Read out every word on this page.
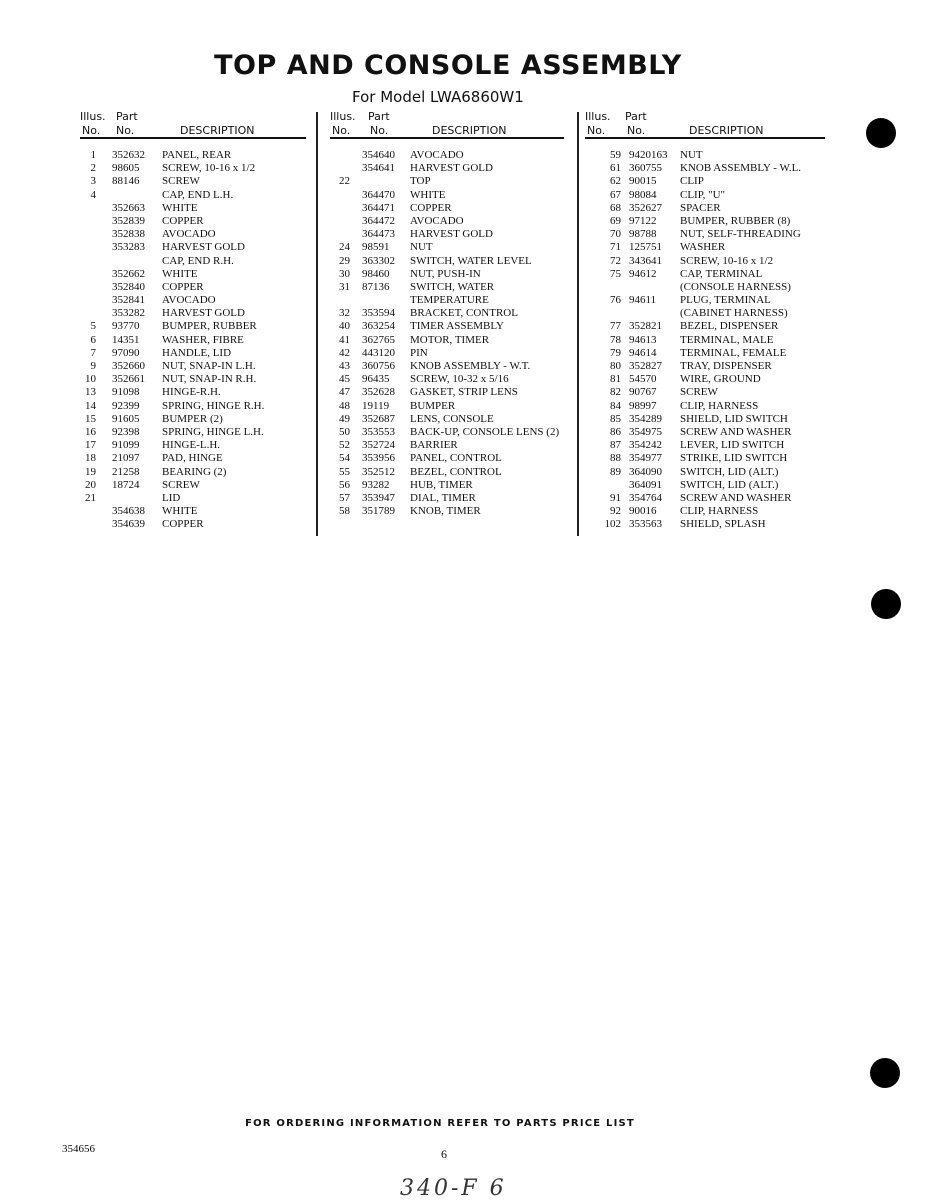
TOP AND CONSOLE ASSEMBLY
For Model LWA6860W1
FOR ORDERING INFORMATION REFER TO PARTS PRICE LIST
354656	6
340-F 6
Illus. Part
No. No.	DESCRIPTION
1 352632 PANEL, REAR
2 98605 SCREW, 10-16 x 1/2
3 88146 SCREW
4	CAP, END L.H.
352663 WHITE
352839 COPPER
352838 AVOCADO
353283 HARVEST GOLD
CAP, END R.H.
352662 WHITE
352840 COPPER
352841 AVOCADO
353282 HARVEST GOLD
5 93770 BUMPER, RUBBER
6 14351 WASHER, FIBRE
7 97090 HANDLE, LID
9 352660 NUT, SNAP-IN L.H.
10 352661 NUT, SNAP-IN R.H.
13 91098 HINGE-R.H.
14 92399 SPRING, HINGE R.H.
15 91605 BUMPER (2)
16 92398 SPRING, HINGE L.H.
17 91099 HINGE-L.H.
18 21097 PAD, HINGE
19 21258 BEARING (2)
20 18724 SCREW
21	LID
354638 WHITE
354639 COPPER
Illus. Part
No. No.	DESCRIPTION
354640 AVOCADO
354641 HARVEST GOLD
22	TOP
364470 WHITE
364471 COPPER
364472 AVOCADO
364473 HARVEST GOLD
24 98591 NUT
29 363302 SWITCH, WATER LEVEL
30 98460 NUT, PUSH-IN
31 87136 SWITCH, WATER
TEMPERATURE
32 353594 BRACKET, CONTROL
40 363254 TIMER ASSEMBLY
41 362765 MOTOR, TIMER
42 443120 PIN
43 360756 KNOB ASSEMBLY - W.T.
45 96435 SCREW, 10-32 x 5/16
47 352628 GASKET, STRIP LENS
48 19119 BUMPER
49 352687 LENS, CONSOLE
50 353553 BACK-UP, CONSOLE LENS (2)
52 352724 BARRIER
54 353956 PANEL, CONTROL
55 352512 BEZEL, CONTROL
56 93282 HUB, TIMER
57 353947 DIAL, TIMER
58 351789 KNOB, TIMER
Illus. Part
No. No.	DESCRIPTION
59 9420163 NUT
61 360755 KNOB ASSEMBLY - W.L.
62 90015 CLIP
67 98084 CLIP, "U"
68 352627 SPACER
69 97122 BUMPER, RUBBER (8)
70 98788 NUT, SELF-THREADING
71 125751 WASHER
72 343641 SCREW, 10-16 x 1/2
75 94612 CAP, TERMINAL
(CONSOLE HARNESS)
76 94611 PLUG, TERMINAL
(CABINET HARNESS)
77 352821 BEZEL, DISPENSER
78 94613 TERMINAL, MALE
79 94614 TERMINAL, FEMALE
80 352827 TRAY, DISPENSER
81 54570 WIRE, GROUND
82 90767 SCREW
84 98997 CLIP, HARNESS
85 354289 SHIELD, LID SWITCH
86 354975 SCREW AND WASHER
87 354242 LEVER, LID SWITCH
88 354977 STRIKE, LID SWITCH
89 364090 SWITCH, LID (ALT.)
364091 SWITCH, LID (ALT.)
91 354764 SCREW AND WASHER
92 90016 CLIP, HARNESS
102 353563 SHIELD, SPLASH
